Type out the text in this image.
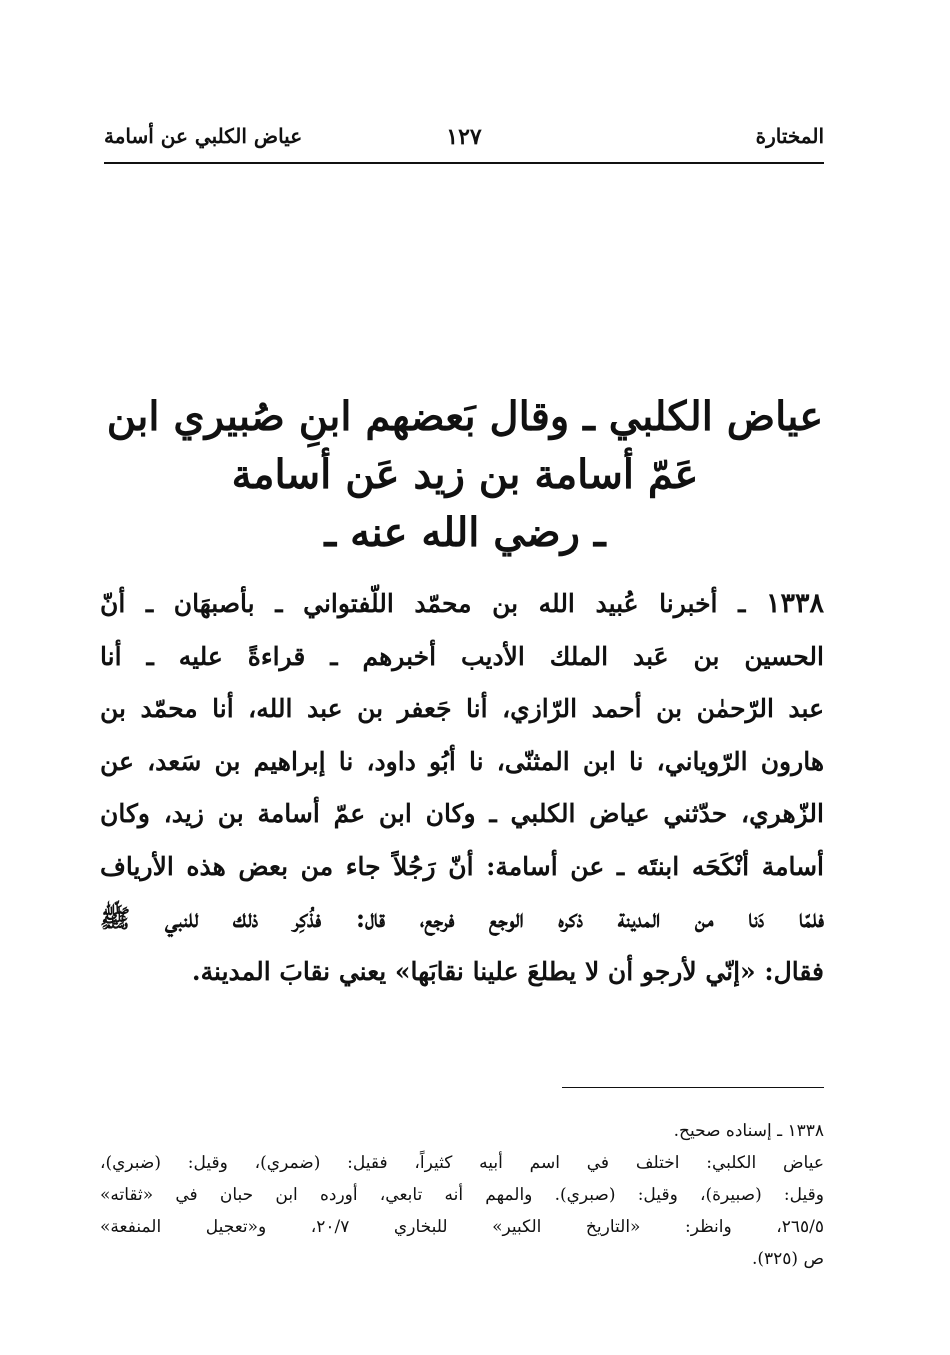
المختارة
١٢٧
عياض الكلبي عن أسامة
عياض الكلبي ـ وقال بَعضهم ابنِ صُبيري ابن
عَمّ أسامة بن زيد عَن أسامة
ـ رضي الله عنه ـ
١٣٣٨ ـ أخبرنا عُبيد الله بن محمّد اللّفتواني ـ بأصبهَان ـ أنّ
الحسين بن عَبد الملك الأديب أخبرهم ـ قراءةً عليه ـ أنا
عبد الرّحمٰن بن أحمد الرّازي، أنا جَعفر بن عبد الله، أنا محمّد بن
هارون الرّوياني، نا ابن المثنّى، نا أبُو داود، نا إبراهيم بن سَعد، عن
الزّهري، حدّثني عياض الكلبي ـ وكان ابن عمّ أسامة بن زيد، وكان
أسامة أنْكَحَه ابنتَه ـ عن أسامة: أنّ رَجُلاً جاء من بعض هذه الأرياف
فلمّا دَنا من المدينة ذكره الوجع فرجع، قال: فذُكِر ذلك للنبي ﷺ
فقال: «إنّي لأرجو أن لا يطلعَ علينا نقابَها» يعني نقابَ المدينة.
١٣٣٨ ـ إسناده صحيح.
عياض الكلبي: اختلف في اسم أبيه كثيراً، فقيل: (ضمري)، وقيل: (ضبري)،
وقيل: (صبيرة)، وقيل: (صبري). والمهم أنه تابعي، أورده ابن حبان في «ثقاته»
٢٦٥/٥، وانظر: «التاريخ الكبير» للبخاري ٢٠/٧، و«تعجيل المنفعة»
ص (٣٢٥).
